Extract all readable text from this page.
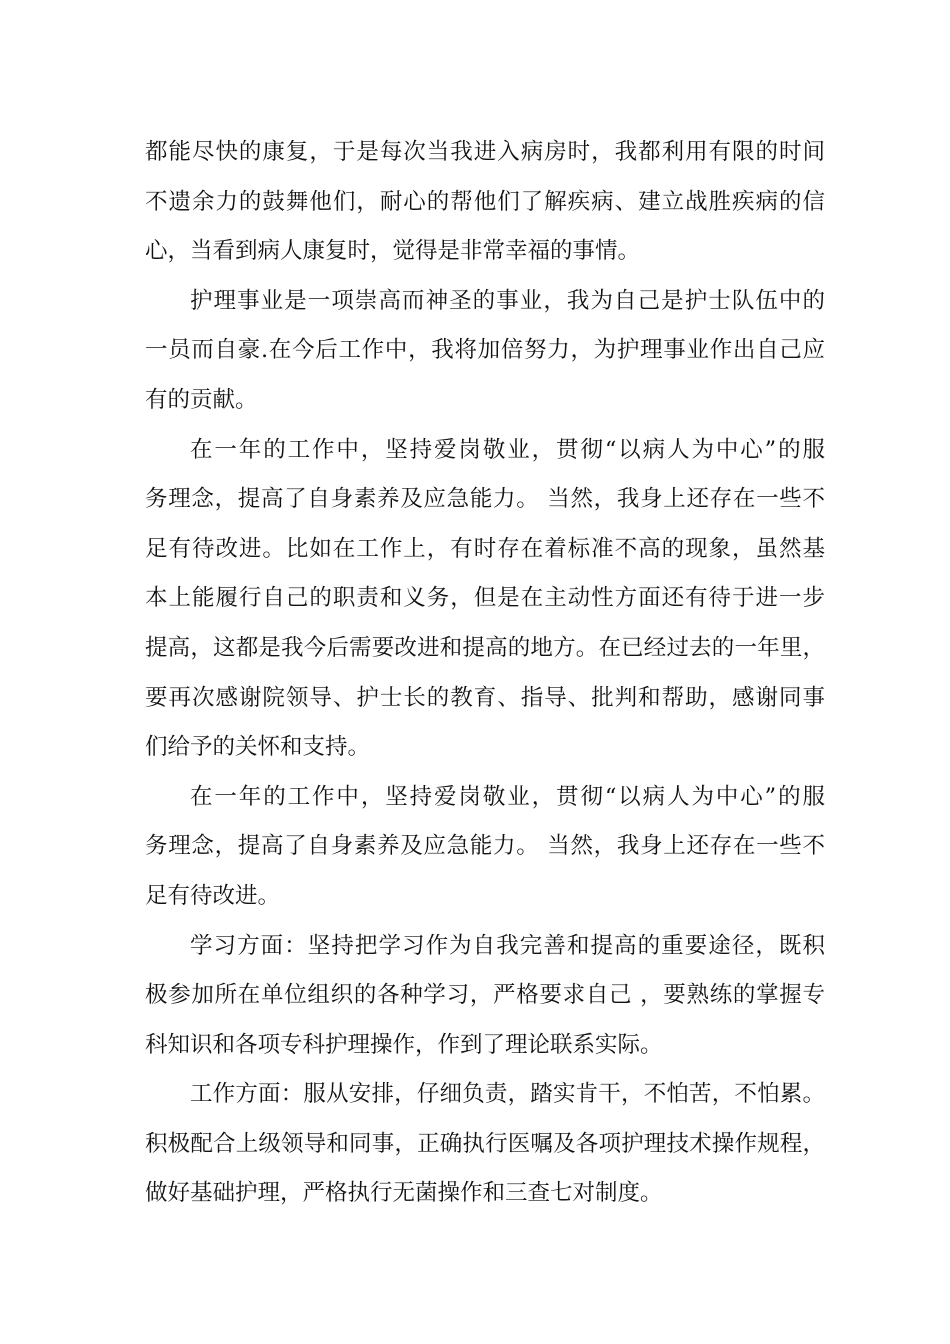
都能尽快的康复，于是每次当我进入病房时，我都利用有限的时间
不遗余力的鼓舞他们，耐心的帮他们了解疾病、建立战胜疾病的信
心，当看到病人康复时，觉得是非常幸福的事情。
护理事业是一项崇高而神圣的事业，我为自己是护士队伍中的
一员而自豪.在今后工作中，我将加倍努力，为护理事业作出自己应
有的贡献。
在一年的工作中，坚持爱岗敬业，贯彻“以病人为中心”的服
务理念，提高了自身素养及应急能力。 当然，我身上还存在一些不
足有待改进。比如在工作上，有时存在着标准不高的现象，虽然基
本上能履行自己的职责和义务，但是在主动性方面还有待于进一步
提高，这都是我今后需要改进和提高的地方。在已经过去的一年里，
要再次感谢院领导、护士长的教育、指导、批判和帮助，感谢同事
们给予的关怀和支持。
在一年的工作中，坚持爱岗敬业，贯彻“以病人为中心”的服
务理念，提高了自身素养及应急能力。 当然，我身上还存在一些不
足有待改进。
学习方面：坚持把学习作为自我完善和提高的重要途径，既积
极参加所在单位组织的各种学习，严格要求自己 ，要熟练的掌握专
科知识和各项专科护理操作，作到了理论联系实际。
工作方面：服从安排，仔细负责，踏实肯干，不怕苦，不怕累。
积极配合上级领导和同事，正确执行医嘱及各项护理技术操作规程，
做好基础护理，严格执行无菌操作和三查七对制度。
